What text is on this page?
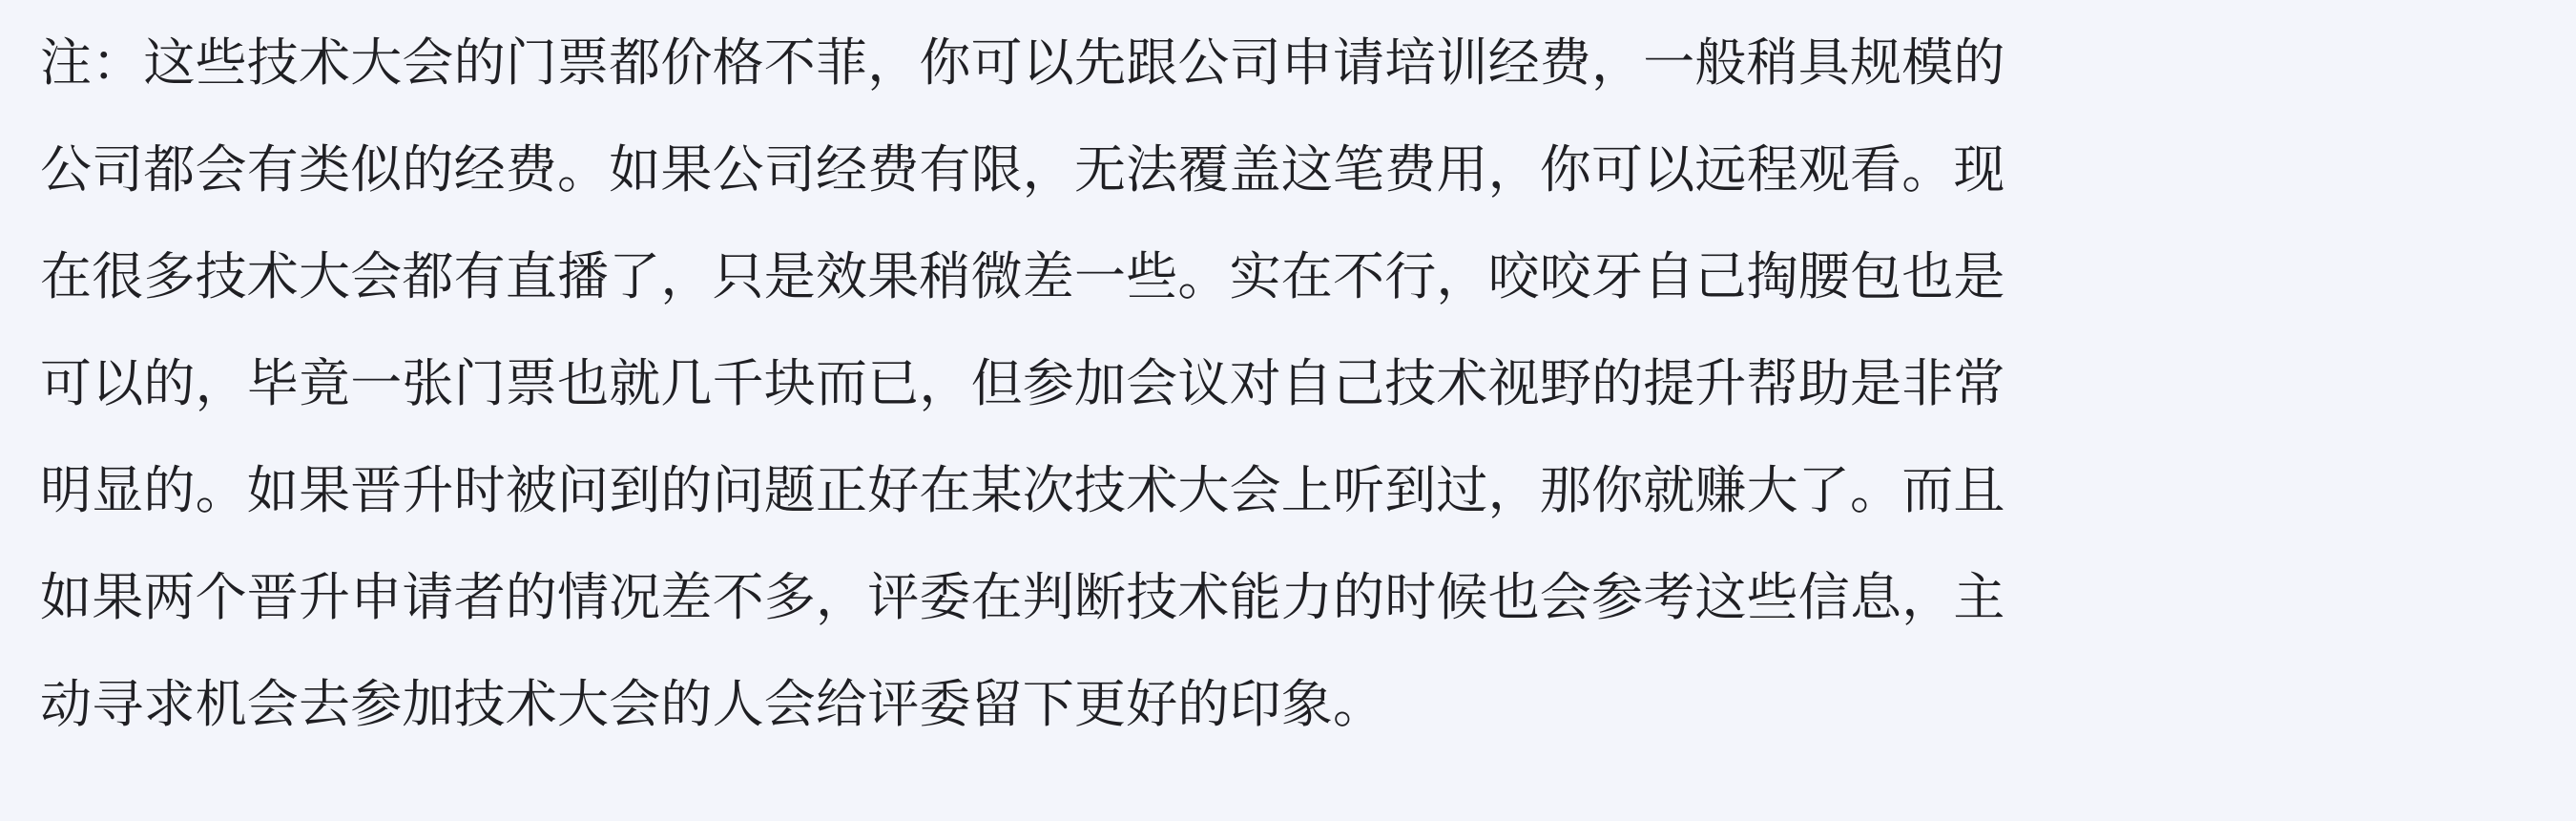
注：这些技术大会的门票都价格不菲，你可以先跟公司申请培训经费，一般稍具规模的
公司都会有类似的经费。如果公司经费有限，无法覆盖这笔费用，你可以远程观看。现
在很多技术大会都有直播了，只是效果稍微差一些。实在不行，咬咬牙自己掏腰包也是
可以的，毕竟一张门票也就几千块而已，但参加会议对自己技术视野的提升帮助是非常
明显的。如果晋升时被问到的问题正好在某次技术大会上听到过，那你就赚大了。而且
如果两个晋升申请者的情况差不多，评委在判断技术能力的时候也会参考这些信息，主
动寻求机会去参加技术大会的人会给评委留下更好的印象。
